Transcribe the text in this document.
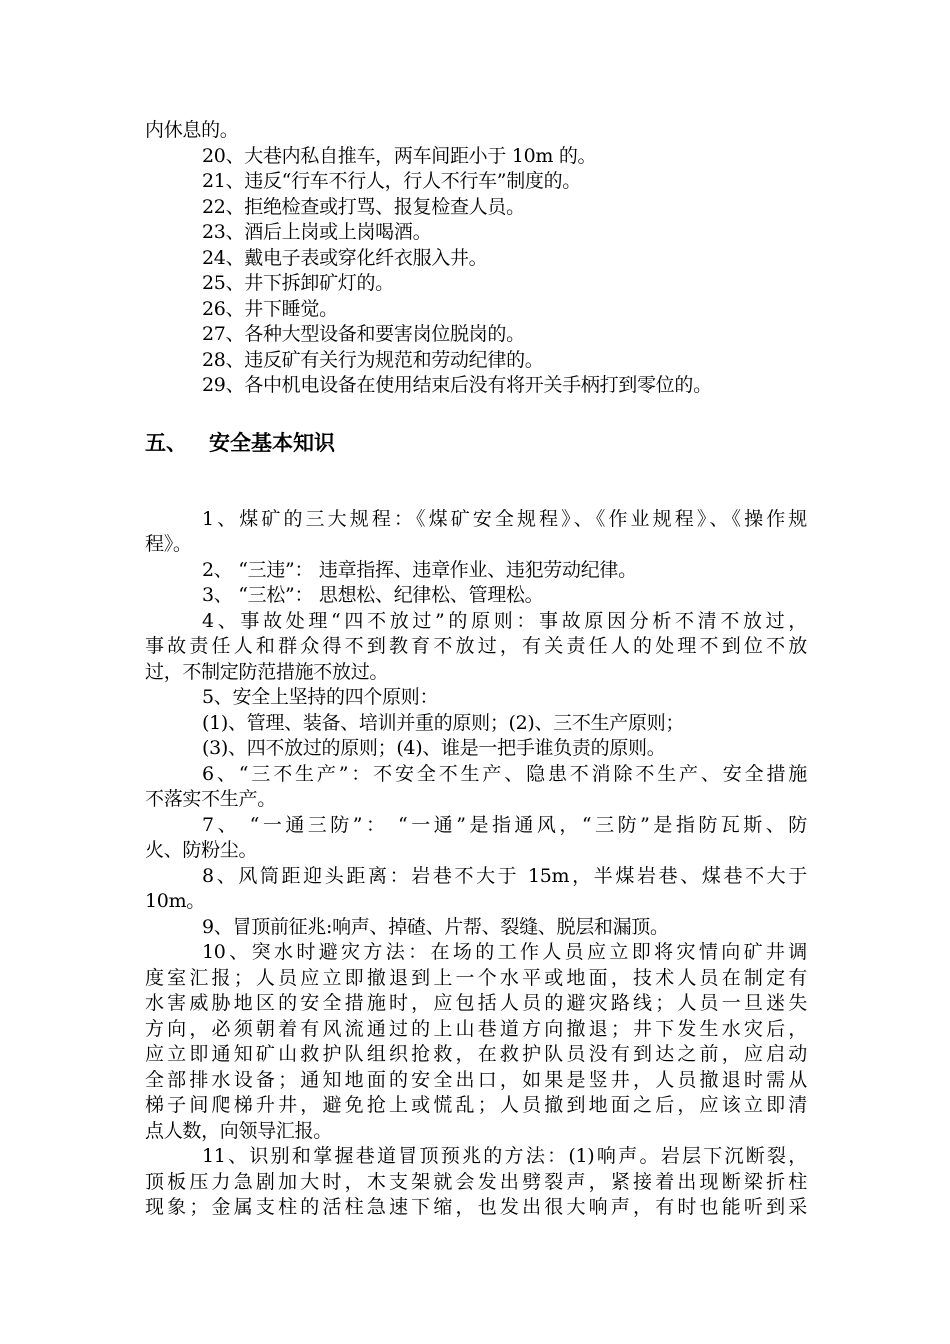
内休息的。
20、大巷内私自推车，两车间距小于 10m 的。
21、违反“行车不行人，行人不行车”制度的。
22、拒绝检查或打骂、报复检查人员。
23、酒后上岗或上岗喝酒。
24、戴电子表或穿化纤衣服入井。
25、井下拆卸矿灯的。
26、井下睡觉。
27、各种大型设备和要害岗位脱岗的。
28、违反矿有关行为规范和劳动纪律的。
29、各中机电设备在使用结束后没有将开关手柄打到零位的。
五、 安全基本知识
1、煤矿的三大规程：《煤矿安全规程》、《作业规程》、《操作规
程》。
2、 “三违”： 违章指挥、违章作业、违犯劳动纪律。
3、 “三松”： 思想松、纪律松、管理松。
4、事故处理“四不放过”的原则：事故原因分析不清不放过，
事故责任人和群众得不到教育不放过，有关责任人的处理不到位不放
过，不制定防范措施不放过。
5、安全上坚持的四个原则：
(1)、管理、装备、培训并重的原则；(2)、三不生产原则；
(3)、四不放过的原则；(4)、谁是一把手谁负责的原则。
6、“三不生产”：不安全不生产、隐患不消除不生产、安全措施
不落实不生产。
7、 “一通三防”： “一通”是指通风，“三防”是指防瓦斯、防
火、防粉尘。
8、风筒距迎头距离：岩巷不大于 15m，半煤岩巷、煤巷不大于
10m。
9、冒顶前征兆:响声、掉碴、片帮、裂缝、脱层和漏顶。
10、突水时避灾方法：在场的工作人员应立即将灾情向矿井调
度室汇报；人员应立即撤退到上一个水平或地面，技术人员在制定有
水害威胁地区的安全措施时，应包括人员的避灾路线；人员一旦迷失
方向，必须朝着有风流通过的上山巷道方向撤退；井下发生水灾后，
应立即通知矿山救护队组织抢救，在救护队员没有到达之前，应启动
全部排水设备；通知地面的安全出口，如果是竖井，人员撤退时需从
梯子间爬梯升井，避免抢上或慌乱；人员撤到地面之后，应该立即清
点人数，向领导汇报。
11、识别和掌握巷道冒顶预兆的方法：(1)响声。岩层下沉断裂，
顶板压力急剧加大时，木支架就会发出劈裂声，紧接着出现断梁折柱
现象；金属支柱的活柱急速下缩，也发出很大响声，有时也能听到采
